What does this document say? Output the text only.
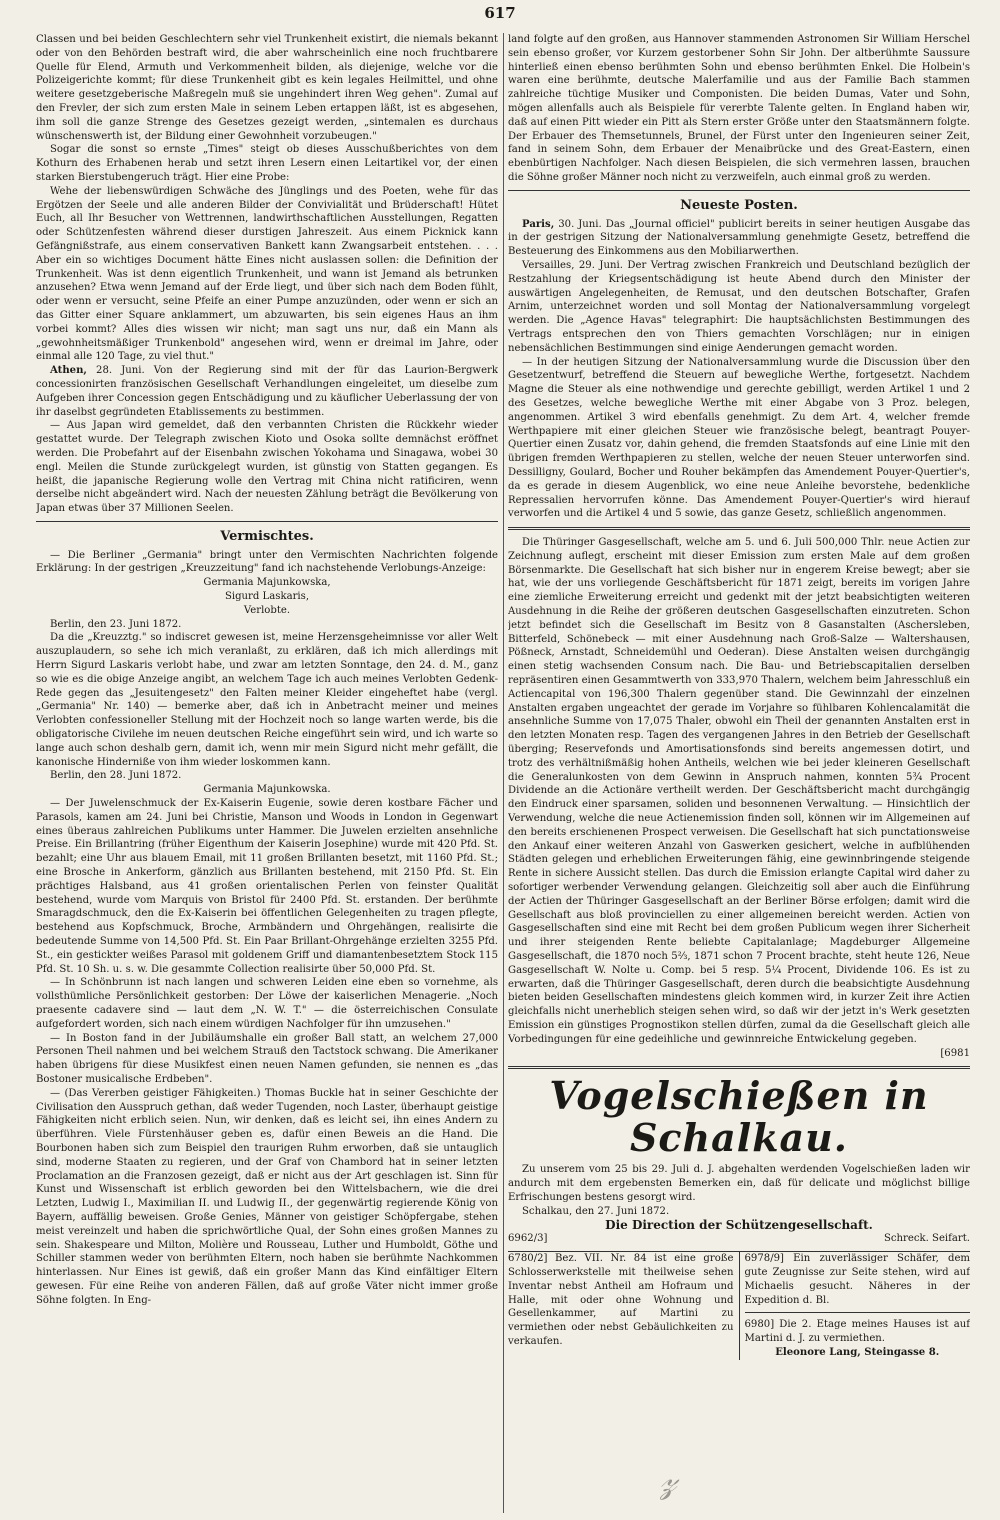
617

Classen und bei beiden Geschlechtern sehr viel Trunkenheit existirt, die niemals bekannt oder von den Behörden bestraft wird, die aber wahrscheinlich eine noch fruchtbarere Quelle für Elend, Armuth und Verkommenheit bilden, als diejenige, welche vor die Polizeigerichte kommt; für diese Trunkenheit gibt es kein legales Heilmittel, und ohne weitere gesetzgeberische Maßregeln muß sie ungehindert ihren Weg gehen". Zumal auf den Frevler, der sich zum ersten Male in seinem Leben ertappen läßt, ist es abgesehen, ihm soll die ganze Strenge des Gesetzes gezeigt werden, „sintemalen es durchaus wünschenswerth ist, der Bildung einer Gewohnheit vorzubeugen."

Sogar die sonst so ernste „Times" steigt ob dieses Ausschußberichtes von dem Kothurn des Erhabenen herab und setzt ihren Lesern einen Leitartikel vor, der einen starken Bierstubengeruch trägt. Hier eine Probe:

Wehe der liebenswürdigen Schwäche des Jünglings und des Poeten, wehe für das Ergötzen der Seele und alle anderen Bilder der Convivialität und Brüderschaft! Hütet Euch, all Ihr Besucher von Wettrennen, landwirthschaftlichen Ausstellungen, Regatten oder Schützenfesten während dieser durstigen Jahreszeit. Aus einem Picknick kann Gefängnißstrafe, aus einem conservativen Bankett kann Zwangsarbeit entstehen. . . . Aber ein so wichtiges Document hätte Eines nicht auslassen sollen: die Definition der Trunkenheit. Was ist denn eigentlich Trunkenheit, und wann ist Jemand als betrunken anzusehen? Etwa wenn Jemand auf der Erde liegt, und über sich nach dem Boden fühlt, oder wenn er versucht, seine Pfeife an einer Pumpe anzuzünden, oder wenn er sich an das Gitter einer Square anklammert, um abzuwarten, bis sein eigenes Haus an ihm vorbei kommt? Alles dies wissen wir nicht; man sagt uns nur, daß ein Mann als „gewohnheitsmäßiger Trunkenbold" angesehen wird, wenn er dreimal im Jahre, oder einmal alle 120 Tage, zu viel thut."

Athen, 28. Juni. Von der Regierung sind mit der für das Laurion-Bergwerk concessionirten französischen Gesellschaft Verhandlungen eingeleitet, um dieselbe zum Aufgeben ihrer Concession gegen Entschädigung und zu käuflicher Ueberlassung der von ihr daselbst gegründeten Etablissements zu bestimmen.

— Aus Japan wird gemeldet, daß den verbannten Christen die Rückkehr wieder gestattet wurde. Der Telegraph zwischen Kioto und Osoka sollte demnächst eröffnet werden. Die Probefahrt auf der Eisenbahn zwischen Yokohama und Sinagawa, wobei 30 engl. Meilen die Stunde zurückgelegt wurden, ist günstig von Statten gegangen. Es heißt, die japanische Regierung wolle den Vertrag mit China nicht ratificiren, wenn derselbe nicht abgeändert wird. Nach der neuesten Zählung beträgt die Bevölkerung von Japan etwas über 37 Millionen Seelen.

Vermischtes.

— Die Berliner „Germania" bringt unter den Vermischten Nachrichten folgende Erklärung: In der gestrigen „Kreuzzeitung" fand ich nachstehende Verlobungs-Anzeige:

Germania Majunkowska,

Sigurd Laskaris,

Verlobte.

Berlin, den 23. Juni 1872.

Da die „Kreuzztg." so indiscret gewesen ist, meine Herzensgeheimnisse vor aller Welt auszuplaudern, so sehe ich mich veranlaßt, zu erklären, daß ich mich allerdings mit Herrn Sigurd Laskaris verlobt habe, und zwar am letzten Sonntage, den 24. d. M., ganz so wie es die obige Anzeige angibt, an welchem Tage ich auch meines Verlobten Gedenk-Rede gegen das „Jesuitengesetz" den Falten meiner Kleider eingeheftet habe (vergl. „Germania" Nr. 140) — bemerke aber, daß ich in Anbetracht meiner und meines Verlobten confessioneller Stellung mit der Hochzeit noch so lange warten werde, bis die obligatorische Civilehe im neuen deutschen Reiche eingeführt sein wird, und ich warte so lange auch schon deshalb gern, damit ich, wenn mir mein Sigurd nicht mehr gefällt, die kanonische Hinderniße von ihm wieder loskommen kann.

Berlin, den 28. Juni 1872.

Germania Majunkowska.

— Der Juwelenschmuck der Ex-Kaiserin Eugenie, sowie deren kostbare Fächer und Parasols, kamen am 24. Juni bei Christie, Manson und Woods in London in Gegenwart eines überaus zahlreichen Publikums unter Hammer. Die Juwelen erzielten ansehnliche Preise. Ein Brillantring (früher Eigenthum der Kaiserin Josephine) wurde mit 420 Pfd. St. bezahlt; eine Uhr aus blauem Email, mit 11 großen Brillanten besetzt, mit 1160 Pfd. St.; eine Brosche in Ankerform, gänzlich aus Brillanten bestehend, mit 2150 Pfd. St. Ein prächtiges Halsband, aus 41 großen orientalischen Perlen von feinster Qualität bestehend, wurde vom Marquis von Bristol für 2400 Pfd. St. erstanden. Der berühmte Smaragdschmuck, den die Ex-Kaiserin bei öffentlichen Gelegenheiten zu tragen pflegte, bestehend aus Kopfschmuck, Broche, Armbändern und Ohrgehängen, realisirte die bedeutende Summe von 14,500 Pfd. St. Ein Paar Brillant-Ohrgehänge erzielten 3255 Pfd. St., ein gestickter weißes Parasol mit goldenem Griff und diamantenbesetztem Stock 115 Pfd. St. 10 Sh. u. s. w. Die gesammte Collection realisirte über 50,000 Pfd. St.

— In Schönbrunn ist nach langen und schweren Leiden eine eben so vornehme, als vollsthümliche Persönlichkeit gestorben: Der Löwe der kaiserlichen Menagerie. „Noch praesente cadavere sind — laut dem „N. W. T." — die österreichischen Consulate aufgefordert worden, sich nach einem würdigen Nachfolger für ihn umzusehen."

— In Boston fand in der Jubiläumshalle ein großer Ball statt, an welchem 27,000 Personen Theil nahmen und bei welchem Strauß den Tactstock schwang. Die Amerikaner haben übrigens für diese Musikfest einen neuen Namen gefunden, sie nennen es „das Bostoner musicalische Erdbeben".

— (Das Vererben geistiger Fähigkeiten.) Thomas Buckle hat in seiner Geschichte der Civilisation den Ausspruch gethan, daß weder Tugenden, noch Laster, überhaupt geistige Fähigkeiten nicht erblich seien. Nun, wir denken, daß es leicht sei, ihn eines Andern zu überführen. Viele Fürstenhäuser geben es, dafür einen Beweis an die Hand. Die Bourbonen haben sich zum Beispiel den traurigen Ruhm erworben, daß sie untauglich sind, moderne Staaten zu regieren, und der Graf von Chambord hat in seiner letzten Proclamation an die Franzosen gezeigt, daß er nicht aus der Art geschlagen ist. Sinn für Kunst und Wissenschaft ist erblich geworden bei den Wittelsbachern, wie die drei Letzten, Ludwig I., Maximilian II. und Ludwig II., der gegenwärtig regierende König von Bayern, auffällig beweisen. Große Genies, Männer von geistiger Schöpfergabe, stehen meist vereinzelt und haben die sprichwörtliche Qual, der Sohn eines großen Mannes zu sein. Shakespeare und Milton, Molière und Rousseau, Luther und Humboldt, Göthe und Schiller stammen weder von berühmten Eltern, noch haben sie berühmte Nachkommen hinterlassen. Nur Eines ist gewiß, daß ein großer Mann das Kind einfältiger Eltern gewesen. Für eine Reihe von anderen Fällen, daß auf große Väter nicht immer große Söhne folgten. In Eng-

land folgte auf den großen, aus Hannover stammenden Astronomen Sir William Herschel sein ebenso großer, vor Kurzem gestorbener Sohn Sir John. Der altberühmte Saussure hinterließ einen ebenso berühmten Sohn und ebenso berühmten Enkel. Die Holbein's waren eine berühmte, deutsche Malerfamilie und aus der Familie Bach stammen zahlreiche tüchtige Musiker und Componisten. Die beiden Dumas, Vater und Sohn, mögen allenfalls auch als Beispiele für vererbte Talente gelten. In England haben wir, daß auf einen Pitt wieder ein Pitt als Stern erster Größe unter den Staatsmännern folgte. Der Erbauer des Themsetunnels, Brunel, der Fürst unter den Ingenieuren seiner Zeit, fand in seinem Sohn, dem Erbauer der Menaibrücke und des Great-Eastern, einen ebenbürtigen Nachfolger. Nach diesen Beispielen, die sich vermehren lassen, brauchen die Söhne großer Männer noch nicht zu verzweifeln, auch einmal groß zu werden.

Neueste Posten.

Paris, 30. Juni. Das „Journal officiel" publicirt bereits in seiner heutigen Ausgabe das in der gestrigen Sitzung der Nationalversammlung genehmigte Gesetz, betreffend die Besteuerung des Einkommens aus den Mobiliarwerthen.

Versailles, 29. Juni. Der Vertrag zwischen Frankreich und Deutschland bezüglich der Restzahlung der Kriegsentschädigung ist heute Abend durch den Minister der auswärtigen Angelegenheiten, de Remusat, und den deutschen Botschafter, Grafen Arnim, unterzeichnet worden und soll Montag der Nationalversammlung vorgelegt werden. Die „Agence Havas" telegraphirt: Die hauptsächlichsten Bestimmungen des Vertrags entsprechen den von Thiers gemachten Vorschlägen; nur in einigen nebensächlichen Bestimmungen sind einige Aenderungen gemacht worden.

— In der heutigen Sitzung der Nationalversammlung wurde die Discussion über den Gesetzentwurf, betreffend die Steuern auf bewegliche Werthe, fortgesetzt. Nachdem Magne die Steuer als eine nothwendige und gerechte gebilligt, werden Artikel 1 und 2 des Gesetzes, welche bewegliche Werthe mit einer Abgabe von 3 Proz. belegen, angenommen. Artikel 3 wird ebenfalls genehmigt. Zu dem Art. 4, welcher fremde Werthpapiere mit einer gleichen Steuer wie französische belegt, beantragt Pouyer-Quertier einen Zusatz vor, dahin gehend, die fremden Staatsfonds auf eine Linie mit den übrigen fremden Werthpapieren zu stellen, welche der neuen Steuer unterworfen sind. Dessilligny, Goulard, Bocher und Rouher bekämpfen das Amendement Pouyer-Quertier's, da es gerade in diesem Augenblick, wo eine neue Anleihe bevorstehe, bedenkliche Repressalien hervorrufen könne. Das Amendement Pouyer-Quertier's wird hierauf verworfen und die Artikel 4 und 5 sowie, das ganze Gesetz, schließlich angenommen.

Die Thüringer Gasgesellschaft, welche am 5. und 6. Juli 500,000 Thlr. neue Actien zur Zeichnung auflegt, erscheint mit dieser Emission zum ersten Male auf dem großen Börsenmarkte. Die Gesellschaft hat sich bisher nur in engerem Kreise bewegt; aber sie hat, wie der uns vorliegende Geschäftsbericht für 1871 zeigt, bereits im vorigen Jahre eine ziemliche Erweiterung erreicht und gedenkt mit der jetzt beabsichtigten weiteren Ausdehnung in die Reihe der größeren deutschen Gasgesellschaften einzutreten. Schon jetzt befindet sich die Gesellschaft im Besitz von 8 Gasanstalten (Aschersleben, Bitterfeld, Schönebeck — mit einer Ausdehnung nach Groß-Salze — Waltershausen, Pößneck, Arnstadt, Schneidemühl und Oederan). Diese Anstalten weisen durchgängig einen stetig wachsenden Consum nach. Die Bau- und Betriebscapitalien derselben repräsentiren einen Gesammtwerth von 333,970 Thalern, welchem beim Jahresschluß ein Actiencapital von 196,300 Thalern gegenüber stand. Die Gewinnzahl der einzelnen Anstalten ergaben ungeachtet der gerade im Vorjahre so fühlbaren Kohlencalamität die ansehnliche Summe von 17,075 Thaler, obwohl ein Theil der genannten Anstalten erst in den letzten Monaten resp. Tagen des vergangenen Jahres in den Betrieb der Gesellschaft überging; Reservefonds und Amortisationsfonds sind bereits angemessen dotirt, und trotz des verhältnißmäßig hohen Antheils, welchen wie bei jeder kleineren Gesellschaft die Generalunkosten von dem Gewinn in Anspruch nahmen, konnten 5¾ Procent Dividende an die Actionäre vertheilt werden. Der Geschäftsbericht macht durchgängig den Eindruck einer sparsamen, soliden und besonnenen Verwaltung. — Hinsichtlich der Verwendung, welche die neue Actienemission finden soll, können wir im Allgemeinen auf den bereits erschienenen Prospect verweisen. Die Gesellschaft hat sich punctationsweise den Ankauf einer weiteren Anzahl von Gaswerken gesichert, welche in aufblühenden Städten gelegen und erheblichen Erweiterungen fähig, eine gewinnbringende steigende Rente in sichere Aussicht stellen. Das durch die Emission erlangte Capital wird daher zu sofortiger werbender Verwendung gelangen. Gleichzeitig soll aber auch die Einführung der Actien der Thüringer Gasgesellschaft an der Berliner Börse erfolgen; damit wird die Gesellschaft aus bloß provinciellen zu einer allgemeinen bereicht werden. Actien von Gasgesellschaften sind eine mit Recht bei dem großen Publicum wegen ihrer Sicherheit und ihrer steigenden Rente beliebte Capitalanlage; Magdeburger Allgemeine Gasgesellschaft, die 1870 noch 5⅔, 1871 schon 7 Procent brachte, steht heute 126, Neue Gasgesellschaft W. Nolte u. Comp. bei 5 resp. 5¼ Procent, Dividende 106. Es ist zu erwarten, daß die Thüringer Gasgesellschaft, deren durch die beabsichtigte Ausdehnung bieten beiden Gesellschaften mindestens gleich kommen wird, in kurzer Zeit ihre Actien gleichfalls nicht unerheblich steigen sehen wird, so daß wir der jetzt in's Werk gesetzten Emission ein günstiges Prognostikon stellen dürfen, zumal da die Gesellschaft gleich alle Vorbedingungen für eine gedeihliche und gewinnreiche Entwickelung gegeben.

[6981

Vogelschießen in Schalkau.

Zu unserem vom 25 bis 29. Juli d. J. abgehalten werdenden Vogelschießen laden wir andurch mit dem ergebensten Bemerken ein, daß für delicate und möglichst billige Erfrischungen bestens gesorgt wird.

Schalkau, den 27. Juni 1872.

Die Direction der Schützengesellschaft.
6962/3]	Schreck. Seifart.

6780/2] Bez. VII. Nr. 84 ist eine große Schlosserwerkstelle mit theilweise sehen Inventar nebst Antheil am Hofraum und Halle, mit oder ohne Wohnung und Gesellenkammer, auf Martini zu vermiethen oder nebst Gebäulichkeiten zu verkaufen.

6978/9] Ein zuverlässiger Schäfer, dem gute Zeugnisse zur Seite stehen, wird auf Michaelis gesucht. Näheres in der Expedition d. Bl.

6980] Die 2. Etage meines Hauses ist auf Martini d. J. zu vermiethen.

Eleonore Lang, Steingasse 8.

𝓏
